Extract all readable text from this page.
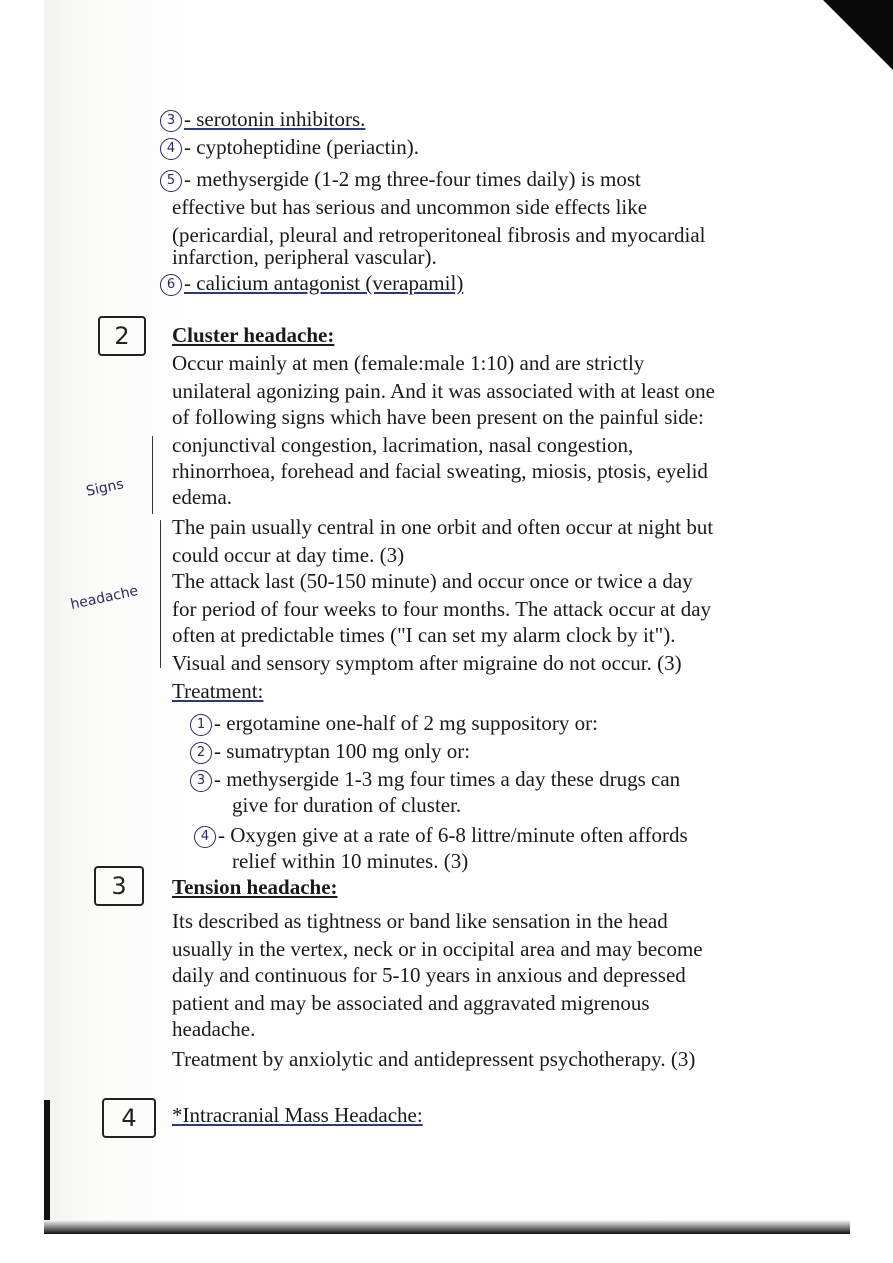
3 - serotonin inhibitors.
4 - cyptoheptidine (periactin).
5 - methysergide (1-2 mg three-four times daily) is most
effective but has serious and uncommon side effects like
(pericardial, pleural and retroperitoneal fibrosis and myocardial
infarction, peripheral vascular).
6 - calicium antagonist (verapamil)
2	Cluster headache:
Occur mainly at men (female:male 1:10) and are strictly
unilateral agonizing pain. And it was associated with at least one
of following signs which have been present on the painful side:
conjunctival congestion, lacrimation, nasal congestion,
rhinorrhoea, forehead and facial sweating, miosis, ptosis, eyelid
edema.
The pain usually central in one orbit and often occur at night but
could occur at day time. (3)
The attack last (50-150 minute) and occur once or twice a day
for period of four weeks to four months. The attack occur at day
often at predictable times ("I can set my alarm clock by it").
Visual and sensory symptom after migraine do not occur. (3)
Treatment:
Signs
headache
1 - ergotamine one-half of 2 mg suppository or:
2 - sumatryptan 100 mg only or:
3 - methysergide 1-3 mg four times a day these drugs can
give for duration of cluster.
4 - Oxygen give at a rate of 6-8 littre/minute often affords
relief within 10 minutes. (3)
3	Tension headache:
Its described as tightness or band like sensation in the head
usually in the vertex, neck or in occipital area and may become
daily and continuous for 5-10 years in anxious and depressed
patient and may be associated and aggravated migrenous
headache.
Treatment by anxiolytic and antidepressent psychotherapy. (3)
4	*Intracranial Mass Headache:
